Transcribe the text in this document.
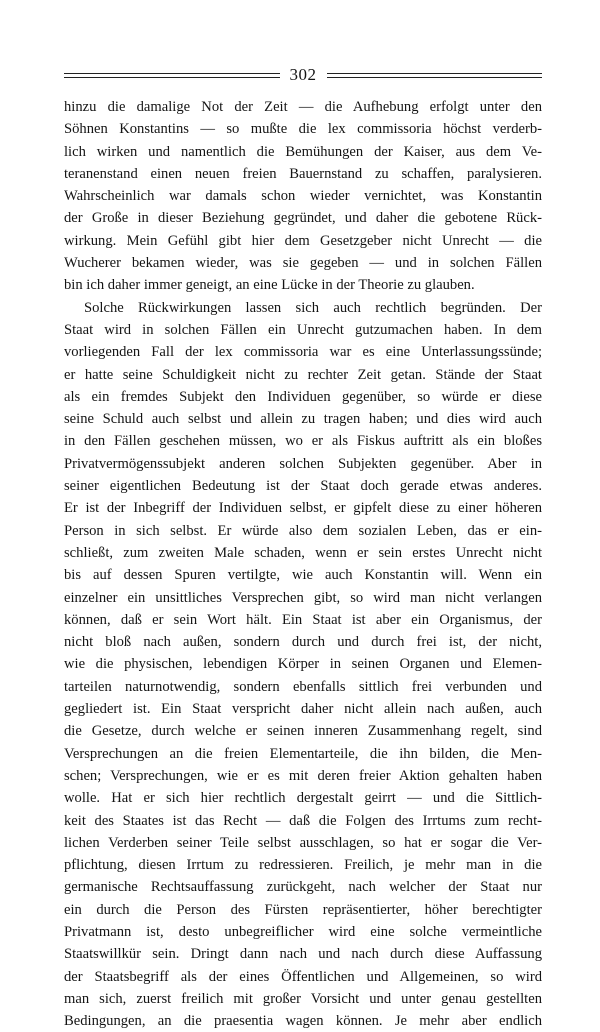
302
hinzu die damalige Not der Zeit — die Aufhebung erfolgt unter den
Söhnen Konstantins — so mußte die lex commissoria höchst verderb-
lich wirken und namentlich die Bemühungen der Kaiser, aus dem Ve-
teranenstand einen neuen freien Bauernstand zu schaffen, paralysieren.
Wahrscheinlich war damals schon wieder vernichtet, was Konstantin
der Große in dieser Beziehung gegründet, und daher die gebotene Rück-
wirkung. Mein Gefühl gibt hier dem Gesetzgeber nicht Unrecht — die
Wucherer bekamen wieder, was sie gegeben — und in solchen Fällen
bin ich daher immer geneigt, an eine Lücke in der Theorie zu glauben.
Solche Rückwirkungen lassen sich auch rechtlich begründen. Der
Staat wird in solchen Fällen ein Unrecht gutzumachen haben. In dem
vorliegenden Fall der lex commissoria war es eine Unterlassungssünde;
er hatte seine Schuldigkeit nicht zu rechter Zeit getan. Stände der Staat
als ein fremdes Subjekt den Individuen gegenüber, so würde er diese
seine Schuld auch selbst und allein zu tragen haben; und dies wird auch
in den Fällen geschehen müssen, wo er als Fiskus auftritt als ein bloßes
Privatvermögenssubjekt anderen solchen Subjekten gegenüber. Aber in
seiner eigentlichen Bedeutung ist der Staat doch gerade etwas anderes.
Er ist der Inbegriff der Individuen selbst, er gipfelt diese zu einer höheren
Person in sich selbst. Er würde also dem sozialen Leben, das er ein-
schließt, zum zweiten Male schaden, wenn er sein erstes Unrecht nicht
bis auf dessen Spuren vertilgte, wie auch Konstantin will. Wenn ein
einzelner ein unsittliches Versprechen gibt, so wird man nicht verlangen
können, daß er sein Wort hält. Ein Staat ist aber ein Organismus, der
nicht bloß nach außen, sondern durch und durch frei ist, der nicht,
wie die physischen, lebendigen Körper in seinen Organen und Elemen-
tarteilen naturnotwendig, sondern ebenfalls sittlich frei verbunden und
gegliedert ist. Ein Staat verspricht daher nicht allein nach außen, auch
die Gesetze, durch welche er seinen inneren Zusammenhang regelt, sind
Versprechungen an die freien Elementarteile, die ihn bilden, die Men-
schen; Versprechungen, wie er es mit deren freier Aktion gehalten haben
wolle. Hat er sich hier rechtlich dergestalt geirrt — und die Sittlich-
keit des Staates ist das Recht — daß die Folgen des Irrtums zum recht-
lichen Verderben seiner Teile selbst ausschlagen, so hat er sogar die Ver-
pflichtung, diesen Irrtum zu redressieren. Freilich, je mehr man in die
germanische Rechtsauffassung zurückgeht, nach welcher der Staat nur
ein durch die Person des Fürsten repräsentierter, höher berechtigter
Privatmann ist, desto unbegreiflicher wird eine solche vermeintliche
Staatswillkür sein. Dringt dann nach und nach durch diese Auffassung
der Staatsbegriff als der eines Öffentlichen und Allgemeinen, so wird
man sich, zuerst freilich mit großer Vorsicht und unter genau gestellten
Bedingungen, an die praesentia wagen können. Je mehr aber endlich
